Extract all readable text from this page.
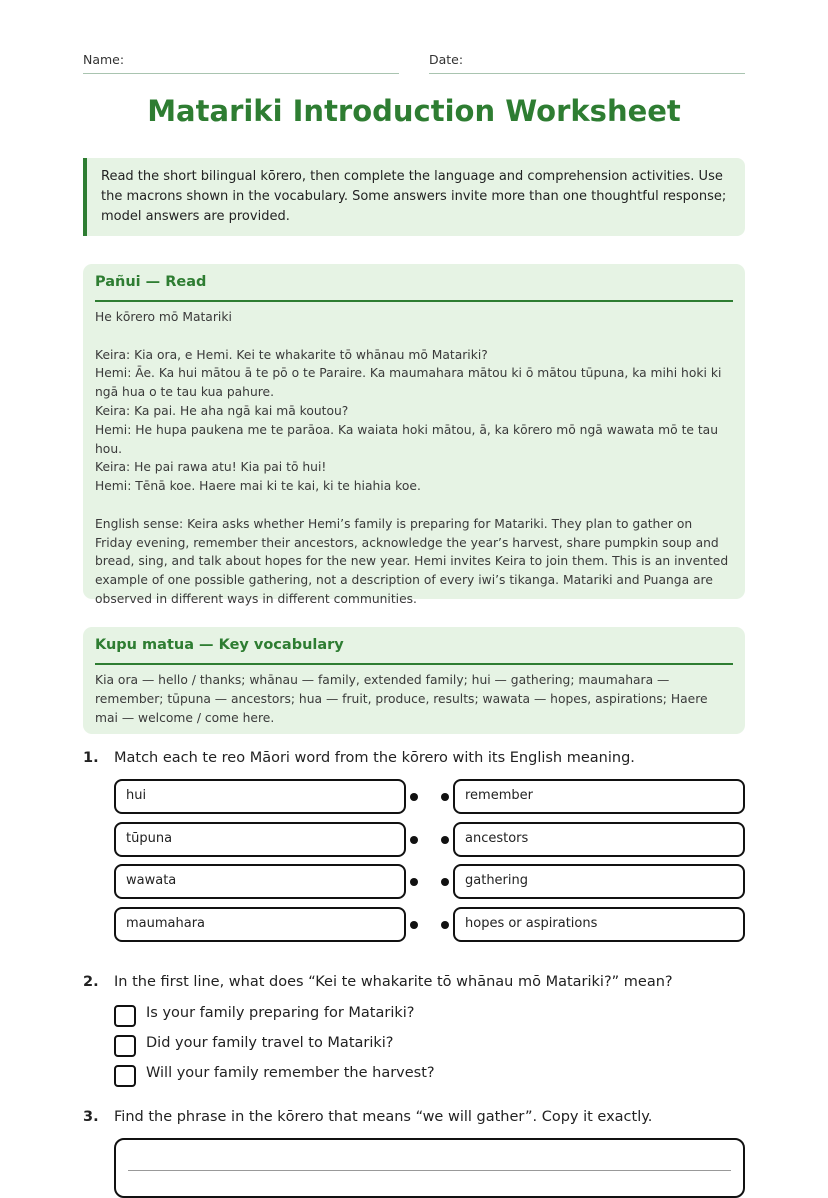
Name:	Date:
Matariki Introduction Worksheet
Read the short bilingual kōrero, then complete the language and comprehension activities. Use the macrons shown in the vocabulary. Some answers invite more than one thoughtful response; model answers are provided.
Pañui — Read

He kōrero mō Matariki

Keira: Kia ora, e Hemi. Kei te whakarite tō whānau mō Matariki?

Hemi: Āe. Ka hui mātou ā te pō o te Paraire. Ka maumahara mātou ki ō mātou tūpuna, ka mihi hoki ki ngā hua o te tau kua pahure.

Keira: Ka pai. He aha ngā kai mā koutou?

Hemi: He hupa paukena me te parāoa. Ka waiata hoki mātou, ā, ka kōrero mō ngā wawata mō te tau hou.

Keira: He pai rawa atu! Kia pai tō hui!

Hemi: Tēnā koe. Haere mai ki te kai, ki te hiahia koe.

English sense: Keira asks whether Hemi’s family is preparing for Matariki. They plan to gather on Friday evening, remember their ancestors, acknowledge the year’s harvest, share pumpkin soup and bread, sing, and talk about hopes for the new year. Hemi invites Keira to join them. This is an invented example of one possible gathering, not a description of every iwi’s tikanga. Matariki and Puanga are observed in different ways in different communities.

Kupu matua — Key vocabulary

Kia ora — hello / thanks; whānau — family, extended family; hui — gathering; maumahara — remember; tūpuna — ancestors; hua — fruit, produce, results; wawata — hopes, aspirations; Haere mai — welcome / come here.

1. Match each te reo Māori word from the kōrero with its English meaning.
hui
tūpuna
wawata
maumahara
remember
ancestors
gathering
hopes or aspirations
2. In the first line, what does “Kei te whakarite tō whānau mō Matariki?” mean?
Is your family preparing for Matariki?
Did your family travel to Matariki?
Will your family remember the harvest?
3. Find the phrase in the kōrero that means “we will gather”. Copy it exactly.
